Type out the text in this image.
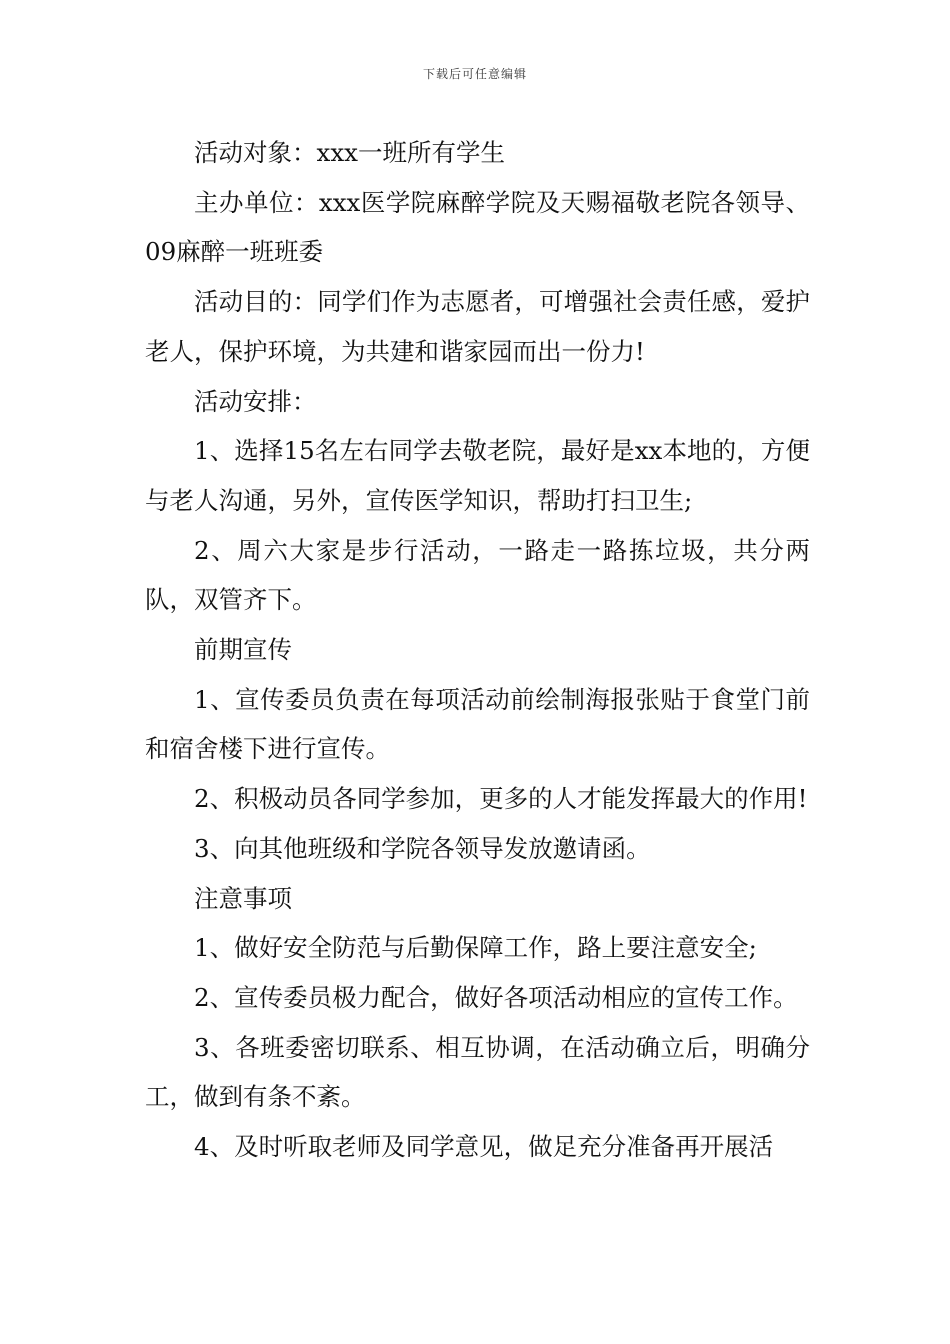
下载后可任意编辑

活动对象：xxx一班所有学生

主办单位：xxx医学院麻醉学院及天赐福敬老院各领导、09麻醉一班班委

活动目的：同学们作为志愿者，可增强社会责任感，爱护老人，保护环境，为共建和谐家园而出一份力!

活动安排：

1、选择15名左右同学去敬老院，最好是xx本地的，方便与老人沟通，另外，宣传医学知识，帮助打扫卫生;

2、周六大家是步行活动，一路走一路拣垃圾，共分两队，双管齐下。

前期宣传

1、宣传委员负责在每项活动前绘制海报张贴于食堂门前和宿舍楼下进行宣传。

2、积极动员各同学参加，更多的人才能发挥最大的作用!

3、向其他班级和学院各领导发放邀请函。

注意事项

1、做好安全防范与后勤保障工作，路上要注意安全;

2、宣传委员极力配合，做好各项活动相应的宣传工作。

3、各班委密切联系、相互协调，在活动确立后，明确分工，做到有条不紊。

4、及时听取老师及同学意见，做足充分准备再开展活
